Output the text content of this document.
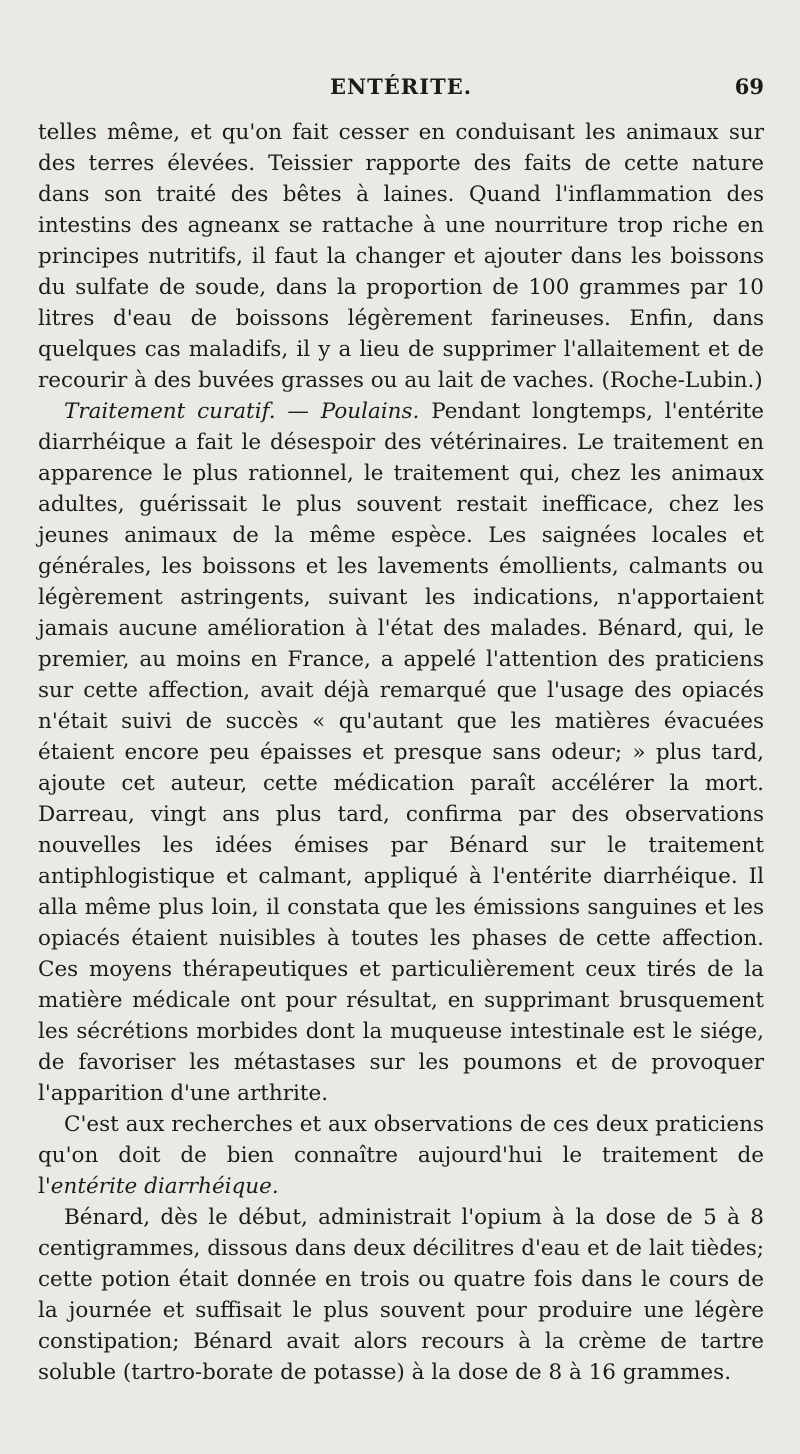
ENTÉRITE.	69

telles même, et qu'on fait cesser en conduisant les animaux sur des terres élevées. Teissier rapporte des faits de cette nature dans son traité des bêtes à laines. Quand l'inflammation des intestins des agneanx se rattache à une nourriture trop riche en principes nutritifs, il faut la changer et ajouter dans les boissons du sulfate de soude, dans la proportion de 100 grammes par 10 litres d'eau de boissons légèrement farineuses. Enfin, dans quelques cas maladifs, il y a lieu de supprimer l'allaitement et de recourir à des buvées grasses ou au lait de vaches. (Roche-Lubin.)

Traitement curatif. — Poulains. Pendant longtemps, l'entérite diarrhéique a fait le désespoir des vétérinaires. Le traitement en apparence le plus rationnel, le traitement qui, chez les animaux adultes, guérissait le plus souvent restait inefficace, chez les jeunes animaux de la même espèce. Les saignées locales et générales, les boissons et les lavements émollients, calmants ou légèrement astringents, suivant les indications, n'apportaient jamais aucune amélioration à l'état des malades. Bénard, qui, le premier, au moins en France, a appelé l'attention des praticiens sur cette affection, avait déjà remarqué que l'usage des opiacés n'était suivi de succès « qu'autant que les matières évacuées étaient encore peu épaisses et presque sans odeur; » plus tard, ajoute cet auteur, cette médication paraît accélérer la mort. Darreau, vingt ans plus tard, confirma par des observations nouvelles les idées émises par Bénard sur le traitement antiphlogistique et calmant, appliqué à l'entérite diarrhéique. Il alla même plus loin, il constata que les émissions sanguines et les opiacés étaient nuisibles à toutes les phases de cette affection. Ces moyens thérapeutiques et particulièrement ceux tirés de la matière médicale ont pour résultat, en supprimant brusquement les sécrétions morbides dont la muqueuse intestinale est le siége, de favoriser les métastases sur les poumons et de provoquer l'apparition d'une arthrite.

C'est aux recherches et aux observations de ces deux praticiens qu'on doit de bien connaître aujourd'hui le traitement de l'entérite diarrhéique.

Bénard, dès le début, administrait l'opium à la dose de 5 à 8 centigrammes, dissous dans deux décilitres d'eau et de lait tièdes; cette potion était donnée en trois ou quatre fois dans le cours de la journée et suffisait le plus souvent pour produire une légère constipation; Bénard avait alors recours à la crème de tartre soluble (tartro-borate de potasse) à la dose de 8 à 16 grammes.
